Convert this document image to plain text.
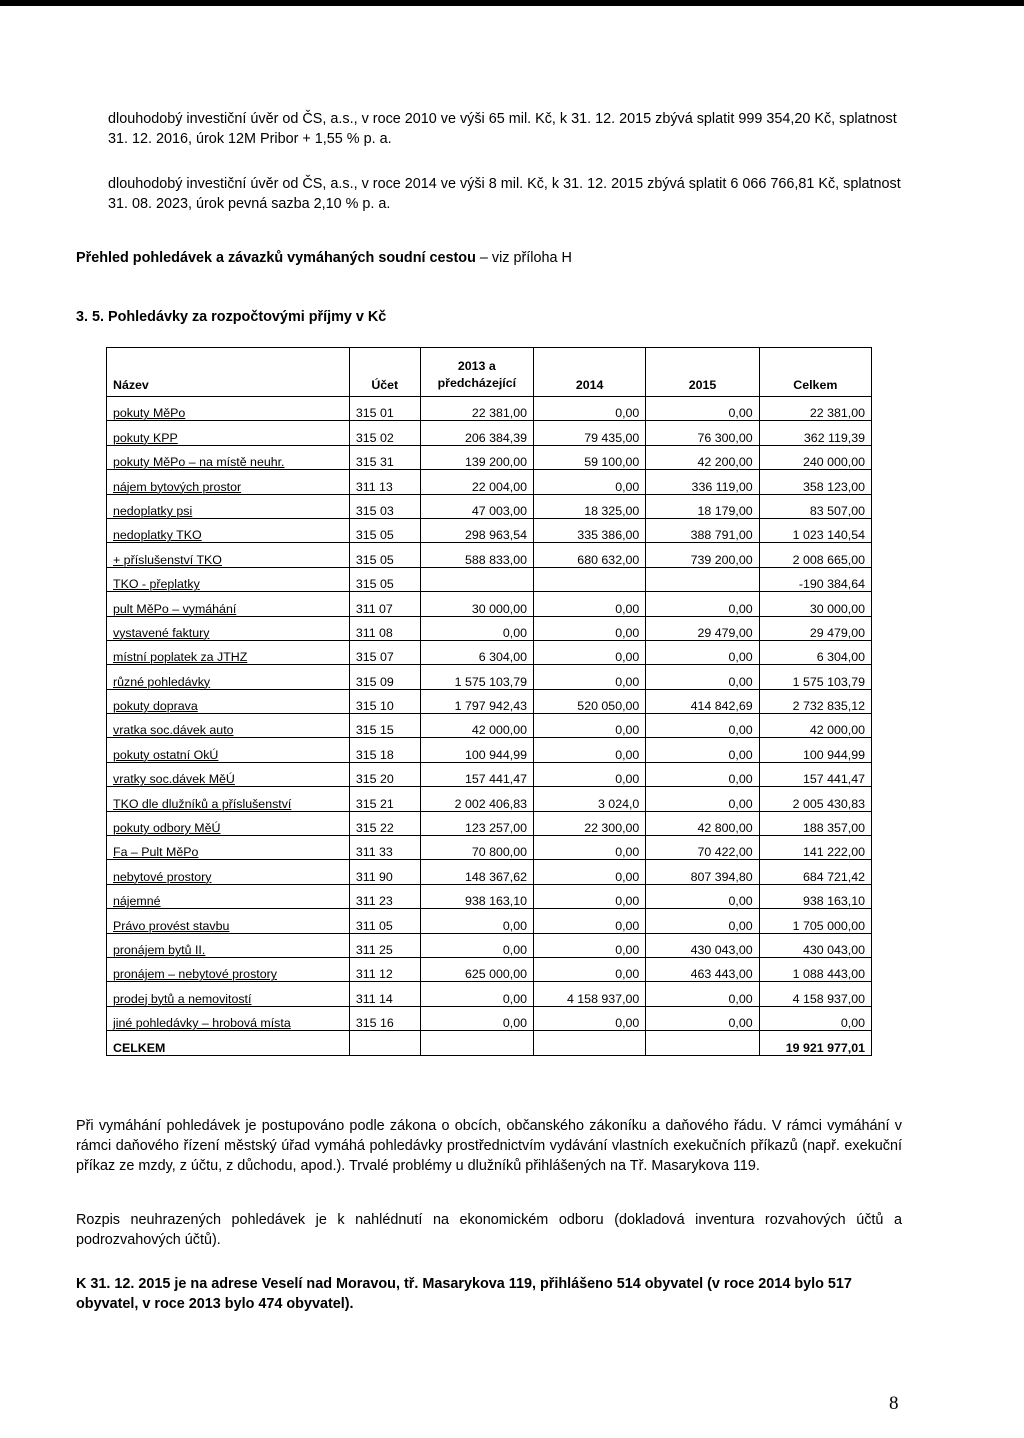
dlouhodobý investiční úvěr od ČS, a.s., v roce 2010 ve výši 65 mil. Kč, k 31. 12. 2015 zbývá splatit 999 354,20 Kč, splatnost 31. 12. 2016, úrok 12M Pribor + 1,55 % p. a.

dlouhodobý investiční úvěr od ČS, a.s., v roce 2014 ve výši 8 mil. Kč, k 31. 12. 2015 zbývá splatit 6 066 766,81 Kč, splatnost 31. 08. 2023, úrok pevná sazba 2,10 % p. a.

Přehled pohledávek a závazků vymáhaných soudní cestou – viz příloha H

3. 5. Pohledávky za rozpočtovými příjmy v Kč

Název	Účet	2013 a předcházející	2014	2015	Celkem
pokuty MěPo	315 01	22 381,00	0,00	0,00	22 381,00
pokuty KPP	315 02	206 384,39	79 435,00	76 300,00	362 119,39
pokuty MěPo – na místě neuhr.	315 31	139 200,00	59 100,00	42 200,00	240 000,00
nájem bytových prostor	311 13	22 004,00	0,00	336 119,00	358 123,00
nedoplatky psi	315 03	47 003,00	18 325,00	18 179,00	83 507,00
nedoplatky TKO	315 05	298 963,54	335 386,00	388 791,00	1 023 140,54
+ příslušenství TKO	315 05	588 833,00	680 632,00	739 200,00	2 008 665,00
TKO - přeplatky	315 05				-190 384,64
pult MěPo – vymáhání	311 07	30 000,00	0,00	0,00	30 000,00
vystavené faktury	311 08	0,00	0,00	29 479,00	29 479,00
místní poplatek za JTHZ	315 07	6 304,00	0,00	0,00	6 304,00
různé pohledávky	315 09	1 575 103,79	0,00	0,00	1 575 103,79
pokuty doprava	315 10	1 797 942,43	520 050,00	414 842,69	2 732 835,12
vratka soc.dávek auto	315 15	42 000,00	0,00	0,00	42 000,00
pokuty ostatní OkÚ	315 18	100 944,99	0,00	0,00	100 944,99
vratky soc.dávek MěÚ	315 20	157 441,47	0,00	0,00	157 441,47
TKO dle dlužníků a příslušenství	315 21	2 002 406,83	3 024,0	0,00	2 005 430,83
pokuty odbory MěÚ	315 22	123 257,00	22 300,00	42 800,00	188 357,00
Fa – Pult MěPo	311 33	70 800,00	0,00	70 422,00	141 222,00
nebytové prostory	311 90	148 367,62	0,00	807 394,80	684 721,42
nájemné	311 23	938 163,10	0,00	0,00	938 163,10
Právo provést stavbu	311 05	0,00	0,00	0,00	1 705 000,00
pronájem bytů II.	311 25	0,00	0,00	430 043,00	430 043,00
pronájem – nebytové prostory	311 12	625 000,00	0,00	463 443,00	1 088 443,00
prodej bytů a nemovitostí	311 14	0,00	4 158 937,00	0,00	4 158 937,00
jiné pohledávky – hrobová místa	315 16	0,00	0,00	0,00	0,00
CELKEM					19 921 977,01

Při vymáhání pohledávek je postupováno podle zákona o obcích, občanského zákoníku a daňového řádu. V rámci vymáhání v rámci daňového řízení městský úřad vymáhá pohledávky prostřednictvím vydávání vlastních exekučních příkazů (např. exekuční příkaz ze mzdy, z účtu, z důchodu, apod.). Trvalé problémy u dlužníků přihlášených na Tř. Masarykova 119.

Rozpis neuhrazených pohledávek je k nahlédnutí na ekonomickém odboru (dokladová inventura rozvahových účtů a podrozvahových účtů).

K 31. 12. 2015 je na adrese Veselí nad Moravou, tř. Masarykova 119, přihlášeno 514 obyvatel (v roce 2014 bylo 517 obyvatel, v roce 2013 bylo 474 obyvatel).

8
